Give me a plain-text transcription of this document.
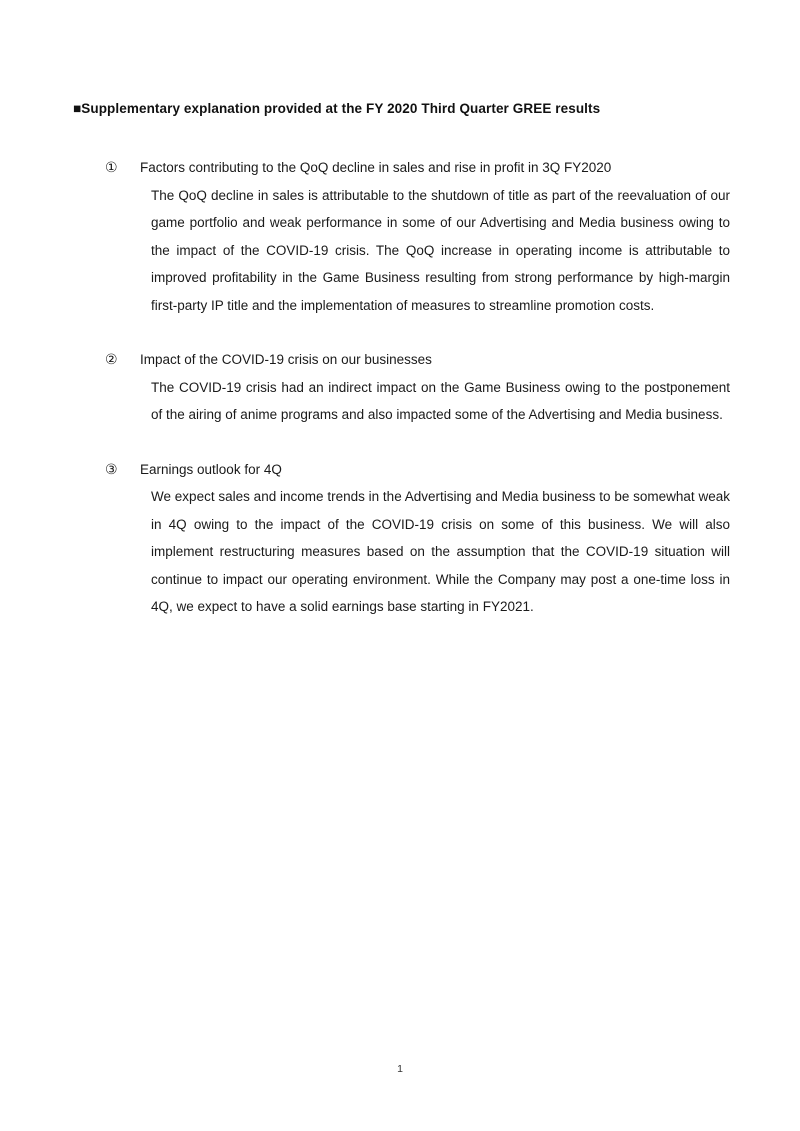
■Supplementary explanation provided at the FY 2020 Third Quarter GREE results
①	Factors contributing to the QoQ decline in sales and rise in profit in 3Q FY2020
The QoQ decline in sales is attributable to the shutdown of title as part of the reevaluation of our game portfolio and weak performance in some of our Advertising and Media business owing to the impact of the COVID-19 crisis. The QoQ increase in operating income is attributable to improved profitability in the Game Business resulting from strong performance by high-margin first-party IP title and the implementation of measures to streamline promotion costs.
②	Impact of the COVID-19 crisis on our businesses
The COVID-19 crisis had an indirect impact on the Game Business owing to the postponement of the airing of anime programs and also impacted some of the Advertising and Media business.
③	Earnings outlook for 4Q
We expect sales and income trends in the Advertising and Media business to be somewhat weak in 4Q owing to the impact of the COVID-19 crisis on some of this business. We will also implement restructuring measures based on the assumption that the COVID-19 situation will continue to impact our operating environment. While the Company may post a one-time loss in 4Q, we expect to have a solid earnings base starting in FY2021.
1
